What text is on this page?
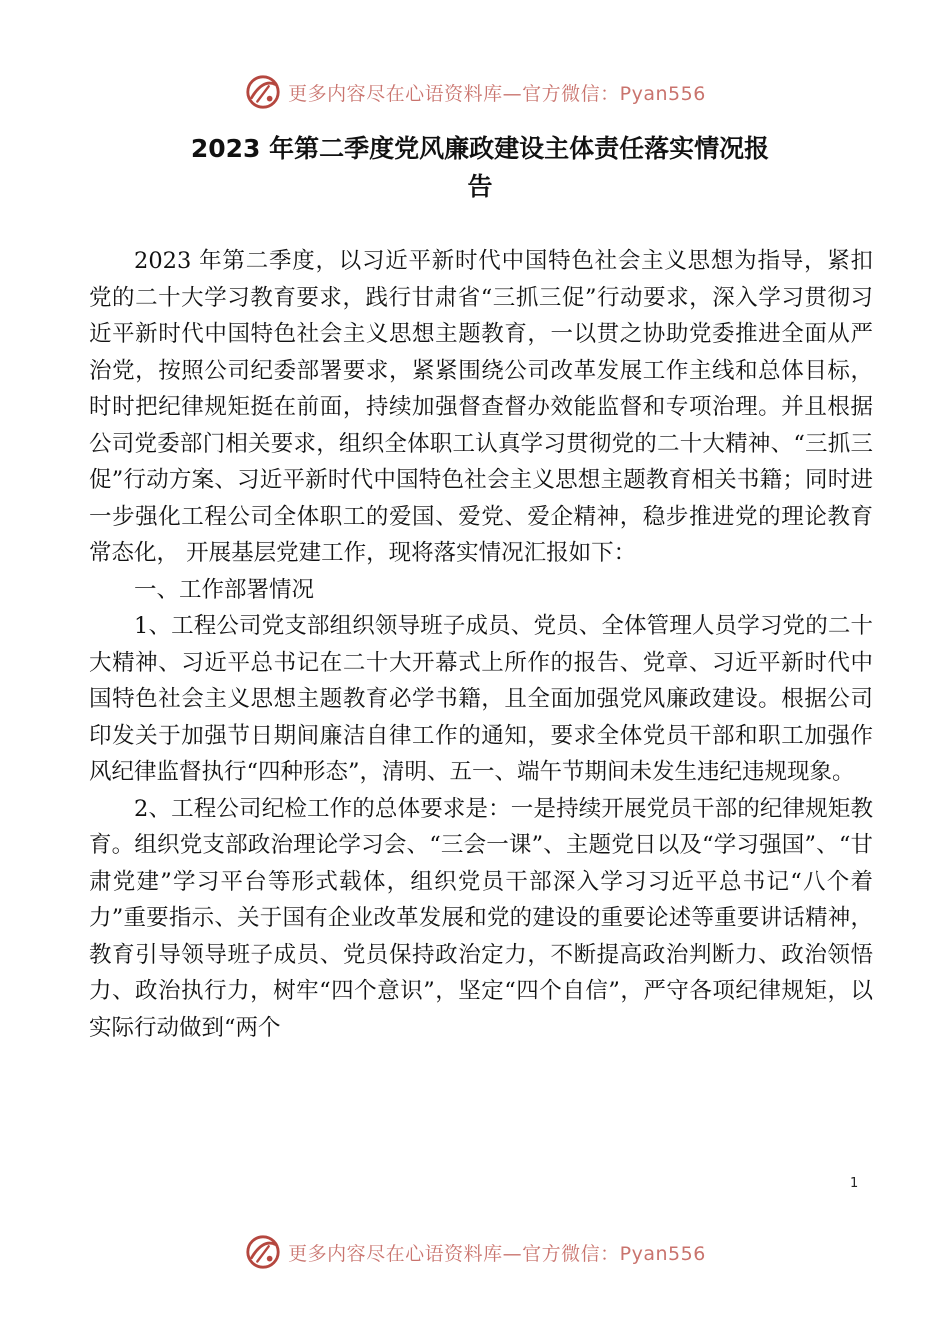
更多内容尽在心语资料库—官方微信：Pyan556
2023 年第二季度党风廉政建设主体责任落实情况报
告

2023 年第二季度，以习近平新时代中国特色社会主义思想为指导，紧扣党的二十大学习教育要求，践行甘肃省“三抓三促”行动要求，深入学习贯彻习近平新时代中国特色社会主义思想主题教育，一以贯之协助党委推进全面从严治党，按照公司纪委部署要求，紧紧围绕公司改革发展工作主线和总体目标，时时把纪律规矩挺在前面，持续加强督查督办效能监督和专项治理。并且根据公司党委部门相关要求，组织全体职工认真学习贯彻党的二十大精神、“三抓三促”行动方案、习近平新时代中国特色社会主义思想主题教育相关书籍；同时进一步强化工程公司全体职工的爱国、爱党、爱企精神，稳步推进党的理论教育常态化， 开展基层党建工作，现将落实情况汇报如下：

一、工作部署情况

1、工程公司党支部组织领导班子成员、党员、全体管理人员学习党的二十大精神、习近平总书记在二十大开幕式上所作的报告、党章、习近平新时代中国特色社会主义思想主题教育必学书籍，且全面加强党风廉政建设。根据公司印发关于加强节日期间廉洁自律工作的通知，要求全体党员干部和职工加强作风纪律监督执行“四种形态”，清明、五一、端午节期间未发生违纪违规现象。

2、工程公司纪检工作的总体要求是：一是持续开展党员干部的纪律规矩教育。组织党支部政治理论学习会、“三会一课”、主题党日以及“学习强国”、“甘肃党建”学习平台等形式载体，组织党员干部深入学习习近平总书记“八个着力”重要指示、关于国有企业改革发展和党的建设的重要论述等重要讲话精神，教育引导领导班子成员、党员保持政治定力，不断提高政治判断力、政治领悟力、政治执行力，树牢“四个意识”，坚定“四个自信”，严守各项纪律规矩，以实际行动做到“两个

1
更多内容尽在心语资料库—官方微信：Pyan556
